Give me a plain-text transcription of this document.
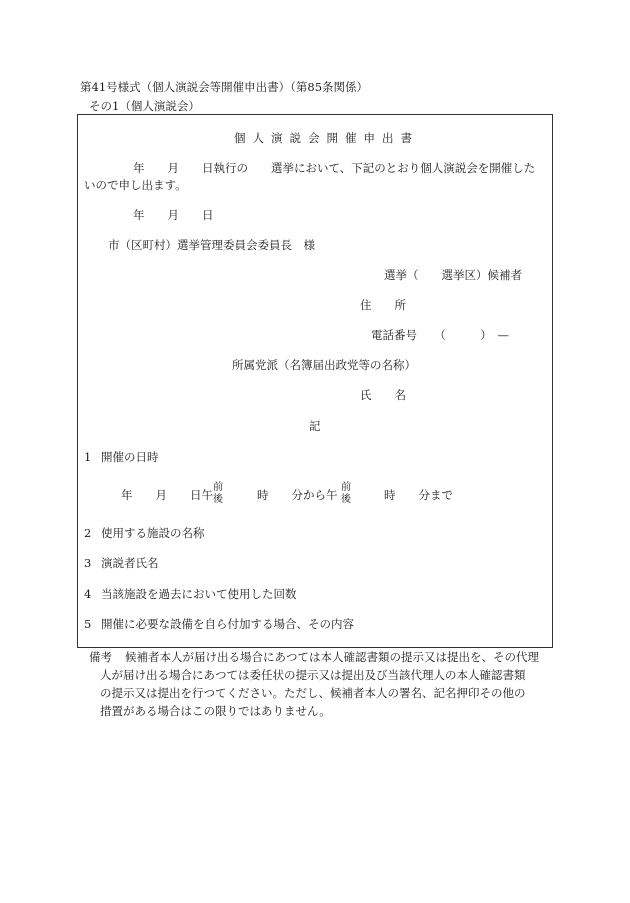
第41号様式（個人演説会等開催申出書）（第85条関係）
その1（個人演説会）
個人演説会開催申出書
年　　月　　日執行の　　選挙において、下記のとおり個人演説会を開催した
いので申し出ます。
年　　月　　日
市（区町村）選挙管理委員会委員長　様
選挙（　　選挙区）候補者
住　　所
電話番号　　（　　　）　—
所属党派（名簿届出政党等の名称）
氏　　名
記
1 開催の日時
年　　月　　日午
前
後	時　　分から午
前
後	時　　分まで
2 使用する施設の名称
3 演説者氏名
4 当該施設を過去において使用した回数
5 開催に必要な設備を自ら付加する場合、その内容
備考 候補者本人が届け出る場合にあつては本人確認書類の提示又は提出を、その代理
人が届け出る場合にあつては委任状の提示又は提出及び当該代理人の本人確認書類
の提示又は提出を行つてください。ただし、候補者本人の署名、記名押印その他の
措置がある場合はこの限りではありません。
